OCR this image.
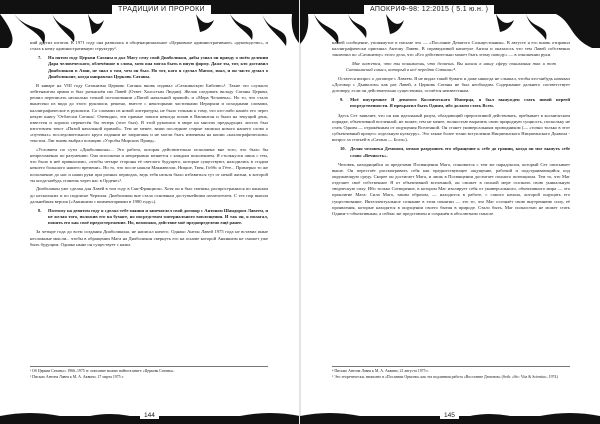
ТРАДИЦИИ И ПРОРОКИ

ний других штатов. К 1971 году она развилась в общенациональное «Церковное административное» «руководство», и стала к нему административную структуру¹.

7. На пятом году Церкви Сатаны и дал Магу сему свой Диаболикон, дабы узнал он правду о моём делении Дара человеческого, облечённое в слова, хотя она могла быть в иную форму. Даже ты, тот, кто доставил Диаболикон в Азии, не знал о том, чем он был. Но тот, кого я сделал Магом, знал, и он часто думал о Диаболиконе, когда направлял Церковь Сатаны.

В январе на VIII году Сатанизма Церковь Сатаны вновь издавал «Сатанинскую Библию»². Такие это служило лейтенантам армии и был разъяснён им Лавей (Ответ Холостым Людям). Желая следовать вкладу Сатаны Церкви, решил переписать несколько точной истолковании «Пятой начальной прямой» и «Мера Человека». Но то, что стало вынесено из вида до этого рукописи, решено, вместе с некоторыми частичками Иерархии и исходными словами, каллиграфическое в рукописи. Со словами из новой литературы, не было точным к тому, что кто-либо нашёл его через некую книгу 'Отблески Сатаны'. Очевидно, эти прямые записи некогда попав в Вашинтон и были на текущий день, известен и хорошо перенесён бы теперь (этот был). В этой рукописи в мире на многих предыдущих листах был изготовлен текст «Пятой начальной прямой». Тем не менее, ваши последние старые записки нового нашего слова о «путевых» последовательного круга издании не запрятаны и не могли быть изменены на копии «каллиграфическим» текстом. Лиг вновь выбрал позицию «Утробы Мирских Правд».

«Условием по сути «Диаболикона»... Это работа, которая действительно исполнена вне того, что было бы непреложенно по разумению. Она исполнена и непрерывно меняется с каждым поколением. Я столкнулся лишь с тем, что было в неё привносимо, «чтобы четыре стороны её светлого будущего, которые существуют, находились в стадии некоего большого нашего времени». Но то, что после нашли Макиавелли, Ницше, Твен, Гоббс и Гёте... Примерно то же исполнение до нас и наши руки при разных периодах, ведь тебя нельзя было избавиться тут от некой жизни, к которой ты когда-нибудь станешь через нас в Ордене»³.

Диаболикон уже сделан для Лавей в том году в Сан-Франциско. Хотя он и был смешан, распространился по каналам до нескольких и по подписке Черчиля. Диаболикон вне стала основным доступнейшим почитателем. С тех пор вышла дальнейшая версия («Анкинизм с комментариями в 1980 году»).

8. Поэтому на девятом году я сделал тебе знания и запечатлел свой договор с Антоном Шандором Лавеем, и не желая того, положив его на бумаге, но посредством материального воплощения. И так он, я полагал, понять его как своё предостережение. Но, возможно, действие моё предопределено ещё ранее.

За четыре года до всем создания Диаболикона, не написал ничего. Однако Антон Лавей 1975 года не вставил иные несложные мысли... чтобы в обращении Мага на Диаболикон свернуть его на основе которой Анкинизм не сможет уже быть будущим. Однако ныне он существует с нами.

¹ Об Церкви Сатаны с 1966–1975 гг. описание можно найти в книге «Церковь Сатаны».
² Письмо Антона Лавея к М. А. Аквино, 17 марта 1975 г.
144
АПОКРИФ-98: 12:2015 ( 5.1 ю.н. )

нашей сообщение, упомянутое в письме что — «Послание Девятого Солнцестояния». В августе я его вновь отправил каллиграфически оригинал Антону Лавею. В справедливой капитуле Антон и оказалось что тем Лавей собственно заключил по «Сатанизму» этого дела, что «Его действительно может быть этому поводу» — в отношении руки.

Мне кажется, что ты понимаешь, что делаешь. Вы нашли в нашу сферу понимания так и тот Сатанинский смысл, который в неё перейти Сатана»⁴.

Остается вопрос о договоре с Лавеем. Я не видал такой бумаги и даже никогда не слышал, чтобы кто-нибудь называл «Договор с Дьяволом» как раз Лавей, а Церковь Сатаны не был необходим. Содержание дальнего соответствует договору, если он действительно существовал, остаётся неизвестным.

9. Моё внутреннее Я девятого Космического Имперца, я был вынужден стать новой нереей посредственности. Я прекратил быть Одним, ибо должен стать Всем.

Здесь Сет заявляет, что он как идеальный разум, обладающий прерогативой действовать, пребывает в космическом порядке, объективной вселенной, не может, тем не менее, полностью выразить свою природную сущность, поскольку не стать Одним — отражённым от ощущения Вселенной. Он станет универсальным проводником (— «точно только в этот субъективный процесс отдельную культуру». Это также более точно вступлении Ницшеанского Ницшеанского Дьявола - вопрос за статьей в «Сатана — Боги»).

10. Делая человека Демоном, нежно разрушить его обращение к себе до границ, когда он мог вынуть себе слово «Вечность».

Человек, находящийся за пределами Посвящения Мага, становится с тем же парадоксом, который Сет описывает выше. Он перестаёт рассматривать себя как предшествующее ощущение, рабочий и подстраивающийся под окружающую среду. Скорее он достигает Мага, и лишь в Посвящении достигает полного потенциала. Тем то, что Маг отделяет своё собственное Я от объективной вселенной, он сможет в полной мере осознать свою уникальную творческую силу. Ибо только Сотворение, в котором Маг изолирует себя от универсального, объективного мира — это проклятие Мага: Сила Мага, таким образом, — находится в работе, с самого начала, которой ощущать его существование. Интеллектуальное сознание в этом понятии — это то, что Маг осознаёт свою внутреннюю силу, её проявления, которые находятся в ощущении своего бытия в природе. Стало быть, Маг полностью не может стать Одним-с-объективным, а сейчас же представлен и сохранён в абсолютном смысле.

⁴ Письмо Антона Лавея к М. А. Аквино, 21 августа 1975 г.
⁵ Это теоретически, написано в «Послании Ормони» как эта подлинная работа «Восстание Демонов» (Seth: «Sic: Vita & Scientia», 1974)
145
